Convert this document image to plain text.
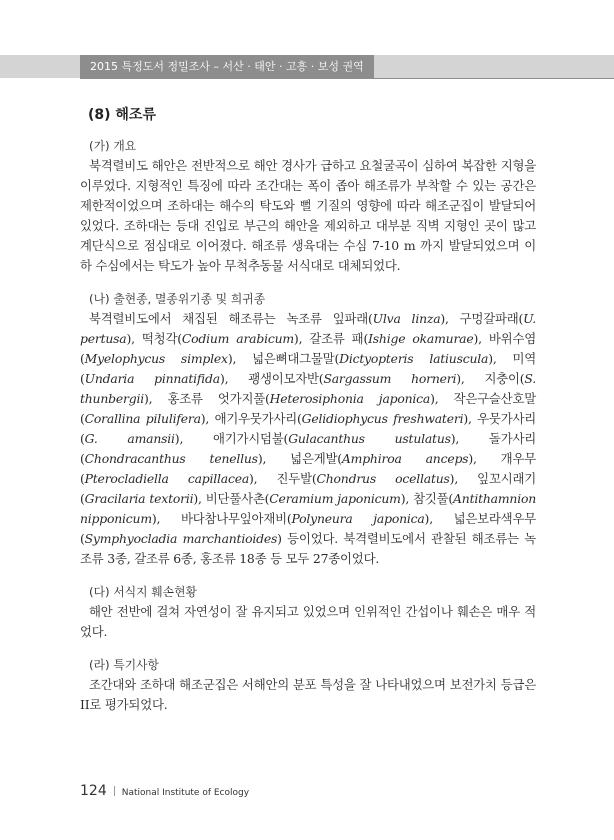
2015 특정도서 정밀조사 – 서산 · 태안 · 고흥 · 보성 권역
(8) 해조류

(가) 개요

북격렬비도 해안은 전반적으로 해안 경사가 급하고 요철굴곡이 심하여 복잡한 지형을 이루었다. 지형적인 특징에 따라 조간대는 폭이 좁아 해조류가 부착할 수 있는 공간은 제한적이었으며 조하대는 해수의 탁도와 뻘 기질의 영향에 따라 해조군집이 발달되어 있었다. 조하대는 등대 진입로 부근의 해안을 제외하고 대부분 직벽 지형인 곳이 많고 계단식으로 점심대로 이어졌다. 해조류 생육대는 수심 7-10 m 까지 발달되었으며 이하 수심에서는 탁도가 높아 무척추동물 서식대로 대체되었다.

(나) 출현종, 멸종위기종 및 희귀종

북격렬비도에서 채집된 해조류는 녹조류 잎파래(Ulva linza), 구멍갈파래(U. pertusa), 떡청각(Codium arabicum), 갈조류 패(Ishige okamurae), 바위수염(Myelophycus simplex), 넓은뼈대그물말(Dictyopteris latiuscula), 미역(Undaria pinnatifida), 괭생이모자반(Sargassum horneri), 지충이(S. thunbergii), 홍조류 엇가지풀(Heterosiphonia japonica), 작은구슬산호말(Corallina pilulifera), 애기우뭇가사리(Gelidiophycus freshwateri), 우뭇가사리(G. amansii), 애기가시덤불(Gulacanthus ustulatus), 돌가사리(Chondracanthus tenellus), 넓은게발(Amphiroa anceps), 개우무(Pterocladiella capillacea), 진두발(Chondrus ocellatus), 잎꼬시래기(Gracilaria textorii), 비단풀사촌(Ceramium japonicum), 참깃풀(Antithamnion nipponicum), 바다참나무잎아재비(Polyneura japonica), 넓은보라색우무(Symphyocladia marchantioides) 등이었다. 북격렬비도에서 관찰된 해조류는 녹조류 3종, 갈조류 6종, 홍조류 18종 등 모두 27종이었다.

(다) 서식지 훼손현황

해안 전반에 걸쳐 자연성이 잘 유지되고 있었으며 인위적인 간섭이나 훼손은 매우 적었다.

(라) 특기사항

조간대와 조하대 해조군집은 서해안의 분포 특성을 잘 나타내었으며 보전가치 등급은 II로 평가되었다.

124 National Institute of Ecology
